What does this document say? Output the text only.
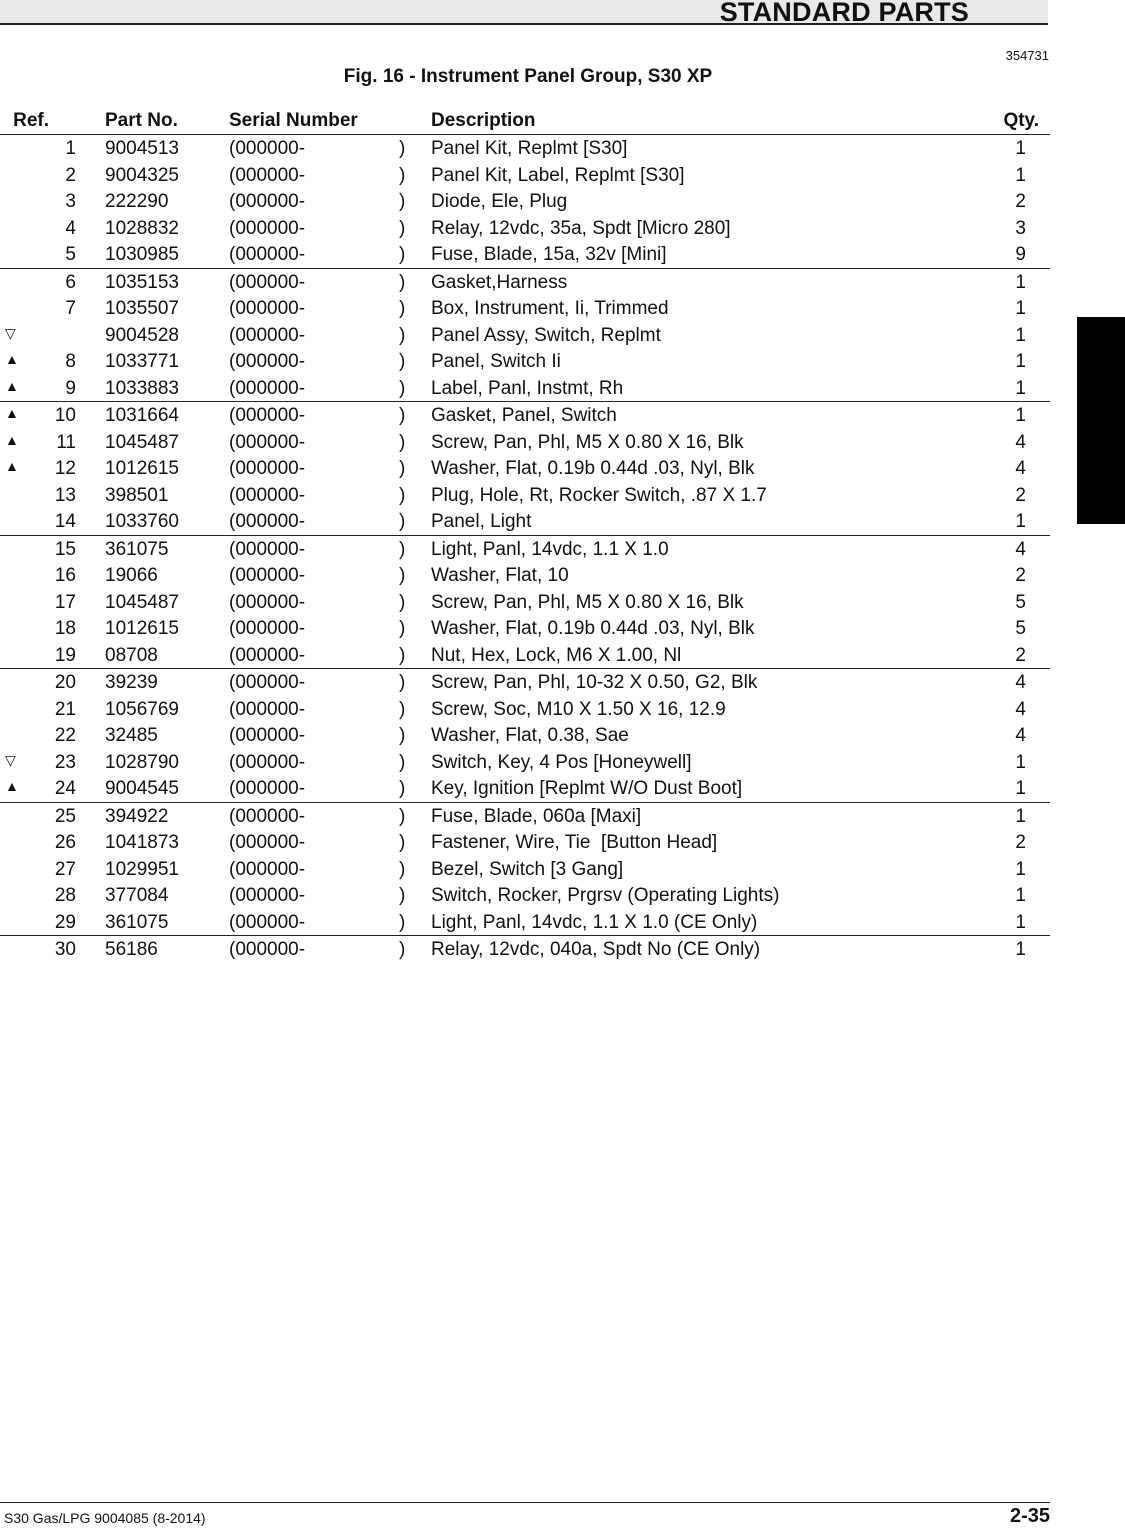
STANDARD PARTS
354731
Fig. 16 - Instrument Panel Group, S30 XP
Ref.	Part No.	Serial Number	Description	Qty.
1 9004513	(000000-	) Panel Kit, Replmt [S30]	1
2 9004325	(000000-	) Panel Kit, Label, Replmt [S30]	1
3 222290	(000000-	) Diode, Ele, Plug	2
4 1028832	(000000-	) Relay, 12vdc, 35a, Spdt [Micro 280]	3
5 1030985	(000000-	) Fuse, Blade, 15a, 32v [Mini]	9
6 1035153	(000000-	) Gasket,Harness	1
7 1035507	(000000-	) Box, Instrument, Ii, Trimmed	1
▽	9004528	(000000-	) Panel Assy, Switch, Replmt	1
▲ 8 1033771	(000000-	) Panel, Switch Ii	1
▲ 9 1033883	(000000-	) Label, Panl, Instmt, Rh	1
▲ 10 1031664	(000000-	) Gasket, Panel, Switch	1
▲ 11 1045487	(000000-	) Screw, Pan, Phl, M5 X 0.80 X 16, Blk	4
▲ 12 1012615	(000000-	) Washer, Flat, 0.19b 0.44d .03, Nyl, Blk	4
13 398501	(000000-	) Plug, Hole, Rt, Rocker Switch, .87 X 1.7	2
14 1033760	(000000-	) Panel, Light	1
15 361075	(000000-	) Light, Panl, 14vdc, 1.1 X 1.0	4
16 19066	(000000-	) Washer, Flat, 10	2
17 1045487	(000000-	) Screw, Pan, Phl, M5 X 0.80 X 16, Blk	5
18 1012615	(000000-	) Washer, Flat, 0.19b 0.44d .03, Nyl, Blk	5
19 08708	(000000-	) Nut, Hex, Lock, M6 X 1.00, Nl	2
20 39239	(000000-	) Screw, Pan, Phl, 10-32 X 0.50, G2, Blk	4
21 1056769	(000000-	) Screw, Soc, M10 X 1.50 X 16, 12.9	4
22 32485	(000000-	) Washer, Flat, 0.38, Sae	4
▽ 23 1028790	(000000-	) Switch, Key, 4 Pos [Honeywell]	1
▲ 24 9004545	(000000-	) Key, Ignition [Replmt W/O Dust Boot]	1
25 394922	(000000-	) Fuse, Blade, 060a [Maxi]	1
26 1041873	(000000-	) Fastener, Wire, Tie  [Button Head]	2
27 1029951	(000000-	) Bezel, Switch [3 Gang]	1
28 377084	(000000-	) Switch, Rocker, Prgrsv (Operating Lights)	1
29 361075	(000000-	) Light, Panl, 14vdc, 1.1 X 1.0 (CE Only)	1
30 56186	(000000-	) Relay, 12vdc, 040a, Spdt No (CE Only)	1
S30 Gas/LPG 9004085 (8-2014)	2-35
